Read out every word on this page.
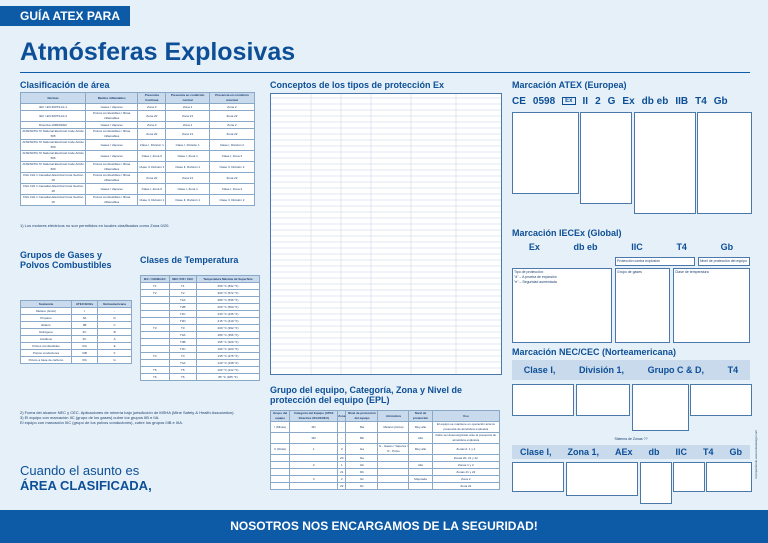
GUÍA ATEX PARA
Atmósferas Explosivas
Clasificación de área
Normas	Medios inflamables	Presencia Continua	Presencia en condición normal	Presencia en condición anormal
IEC / EN 60079-10-1	Gases / Vapores	Zona 0	Zona 1	Zona 2
IEC / EN 60079-10-2	Polvos combustibles / fibras inflamables	Zona 20	Zona 21	Zona 22
Directiva 1999/92/EC	Gases / Vapores	Zona 0	Zona 1	Zona 2
ANSI/NFPA 70 National Electrical Code Article 505	Polvos combustibles / fibras inflamables	Zona 20	Zona 21	Zona 22
ANSI/NFPA 70 National Electrical Code Article 500	Gases / Vapores	Clase I, División 1	Clase I, División 1	Clase I, División 2
ANSI/NFPA 70 National Electrical Code Article 506	Gases / Vapores	Clase I, Zona 0	Clase I, Zona 1	Clase I, Zona 2
ANSI/NFPA 70 National Electrical Code Article 500	Polvos combustibles / fibras inflamables	Clase II, División 1	Clase II, División 1	Clase II, División 2
CSA C22.1 Canadian Electrical Code Section 18	Polvos combustibles / fibras inflamables	Zona 20	Zona 21	Zona 22
CSA C22.1 Canadian Electrical Code Section 18	Gases / Vapores	Clase I, Zona 0	Clase I, Zona 1	Clase I, Zona 2
CSA C22.1 Canadian Electrical Code Section 18	Polvos combustibles / fibras inflamables	Clase II, División 1	Clase II, División 1	Clase II, División 2
1) Los motores eléctricos no son permitidos en locales clasificados como Zona 0/20.
Grupos de Gases y Polvos Combustibles
Sustancia	ATEX IECEx	Norteamericana
Metano (Grisú)	I	-
Propano	IIA	D
Etileno	IIB	C
Hidrógeno	IIC	B
Acetileno	IIC	A
Polvos combustibles	IIIA	E
Polvos conductores	IIIB	F
Polvos a base de carbono	IIIC	G
Clases de Temperatura
IEC / CENELEC	NEC 500 / CEC	Temperatura Máxima de Superficie
T1	T1	450 °C (842 °F)
T2	T2	300 °C (572 °F)
	T2A	280 °C (536 °F)
	T2B	260 °C (500 °F)
	T2C	230 °C (446 °F)
	T2D	215 °C (419 °F)
T3	T3	200 °C (392 °F)
	T3A	180 °C (356 °F)
	T3B	165 °C (329 °F)
	T3C	160 °C (320 °F)
T4	T4	135 °C (275 °F)
	T4A	120 °C (248 °F)
T5	T5	100 °C (212 °F)
T6	T6	85 °C (185 °F)
2) Fuera del alcance NEC y CEC. Aplicaciones de minería bajo jurisdicción de MSHA (Mine Safety & Health Association).
3) El equipo con marcación IIC (grupo de los gases) cubre los grupos IIB e IIA.
El equipo con marcación IIIC (grupo de los polvos conductores), cubre los grupos IIIB e IIIA.
Cuando el asunto es
ÁREA CLASIFICADA,
Conceptos de los tipos de protección Ex
Grupo del equipo, Categoría, Zona y Nivel de protección del equipo (EPL)
Grupo del equipo	Categoría del Equipo (ATEX Directive 2014/34/EU)	Zona	Nivel de protección del equipo	Atmósfera	Nivel de protección	Uso
I (Minas)	M1	-	Ma	Metano (Grisú)	Muy alto	El equipo se mantiene en operación ante la presencia de atmósfera explosiva
	M2	-	Mb		Alto	Debe ser desenergizado ante la presencia de atmósfera explosiva
II (Otras)	1	0	Ga	G - Gases / Vapores / D - Polvo	Muy alto	Zonas 0, 1 y 2
		20	Da			Zonas 20, 21 y 22
	2	1	Gb		Alto	Zonas 1 y 2
		21	Db			Zonas 21 y 22
	3	2	Gc		Mejorada	Zona 2
		22	Dc			Zona 22
Marcación ATEX (Europea)
CE 0598	Ex	II 2 G Ex db eb IIB T4 Gb
Marcación IECEx (Global)
Ex	db eb	IIC	T4	Gb
Tipo de protección:
"d" – A prueba de explosión
"e" – Seguridad aumentada
Grupo de gases	Clase de temperatura
Protección contra explosión	Nivel de protección del equipo
Marcación NEC/CEC (Norteamericana)
Clase I,	División 1,	Grupo C & D,	T4
Sistema de Zonas ??
Clase I, Zona 1, AEx db IIC T4 Gb	Compartiendo www.kriesdesign.com
NOSOTROS NOS ENCARGAMOS DE LA SEGURIDAD!
